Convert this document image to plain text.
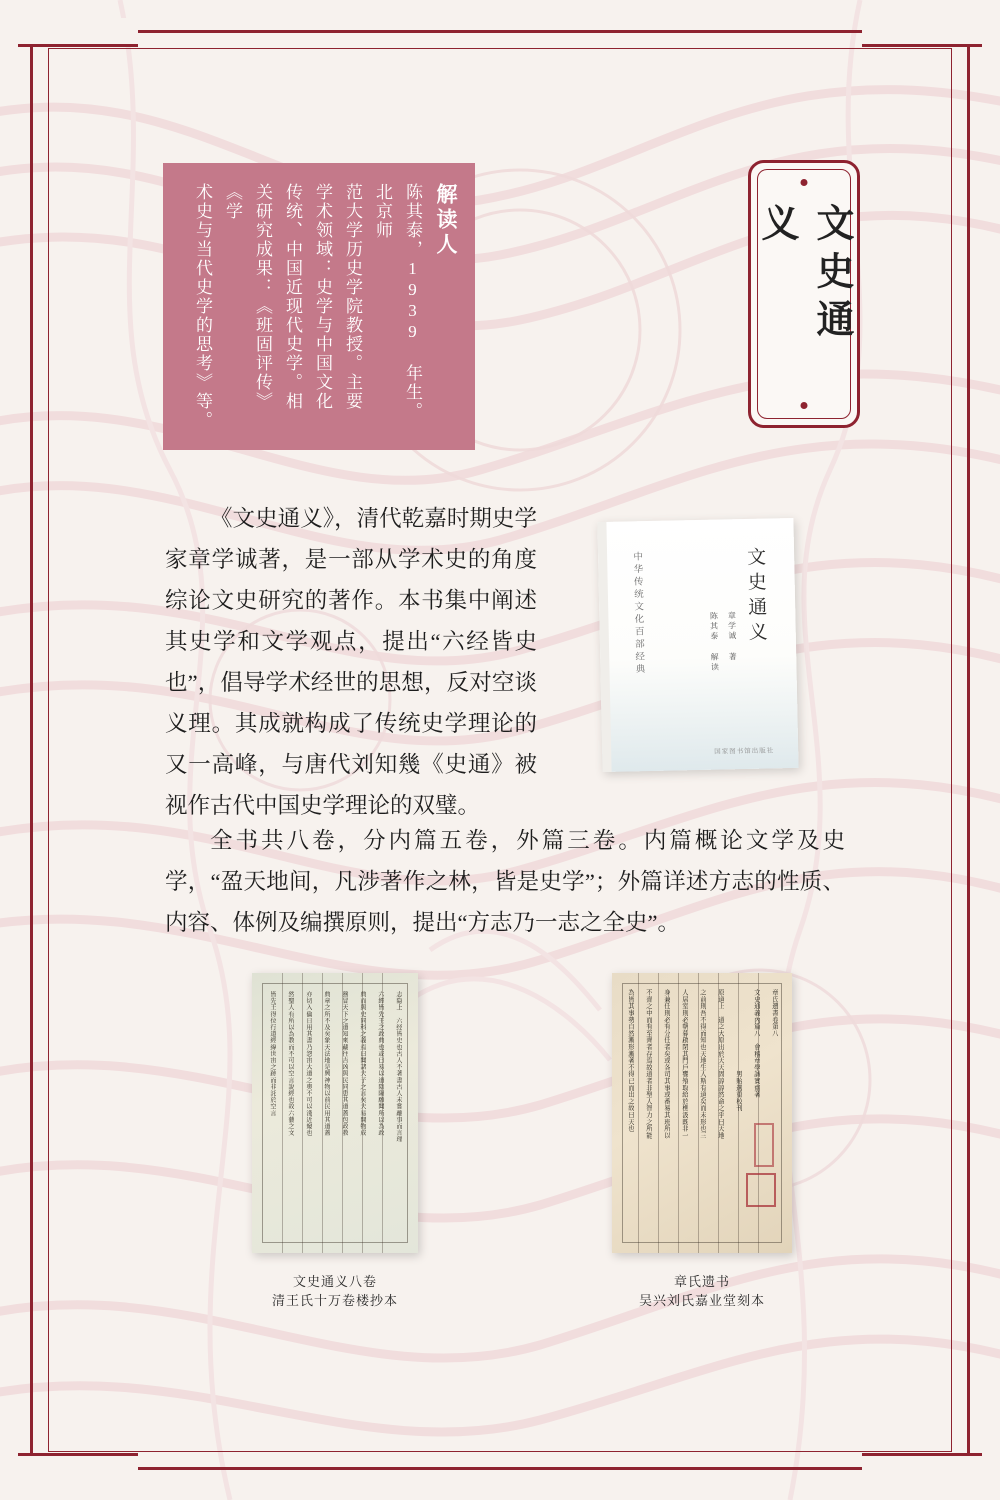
文史通义
解读人
陈其泰，1939 年生。北京师
范大学历史学院教授。主要
学术领域：史学与中国文化
传统、中国近现代史学。相
关研究成果：《班固评传》《学
术史与当代史学的思考》等。
《文史通义》，清代乾嘉时期史学家章学诚著，是一部从学术史的角度综论文史研究的著作。本书集中阐述其史学和文学观点，提出“六经皆史也”，倡导学术经世的思想，反对空谈义理。其成就构成了传统史学理论的又一高峰，与唐代刘知幾《史通》被视作古代中国史学理论的双璧。
全书共八卷，分内篇五卷，外篇三卷。内篇概论文学及史学，“盈天地间，凡涉著作之林，皆是史学”；外篇详述方志的性质、内容、体例及编撰原则，提出“方志乃一志之全史”。
中华传统文化百部经典	文史通义
章学诚 著
陈其泰 解读
国家图书馆出版社
志隐上　六经皆史也古人不著書古人未嘗離事而言理
六經皆先王之政典也或曰易以道陰陽願聞所以為政
典而與史同科之義焉曰聞諸夫子之言矣夫易開物成
務冒天下之道知來藏往吉凶與民同患其道蓋包政教
典章之所不及矣象天法地是興神物以前民用其道蓋
亦切入倫日用其書乃怨宙大道之奧不可以淺近窺也
然聖人有所以為教而不可以空言說經也故六藝之文
皆先王得位行道經緯世宙之跡而非託於空言
文史通义八卷
清王氏十万卷楼抄本
章氏遺書卷第八
文史通義內篇八　會稽章學誠實齋著
　　　　　　　　　　　　男貽選重校刊
原道上　道之大原出於天天固諄諄然命之乎曰天地
之前則吾不得而知也天地生人斯有道矣而未形也三
人居室則必朝暮啟閉其門戶饔飧取給於樵汲既非一
身兼任則必有分任者矣或各司其事或番易其班所以
不齊之中而有至齊者存焉故道者非聖人智力之所能
為皆其事勢自然漸形漸著不得已而出之故曰天也
章氏遗书
吴兴刘氏嘉业堂刻本
